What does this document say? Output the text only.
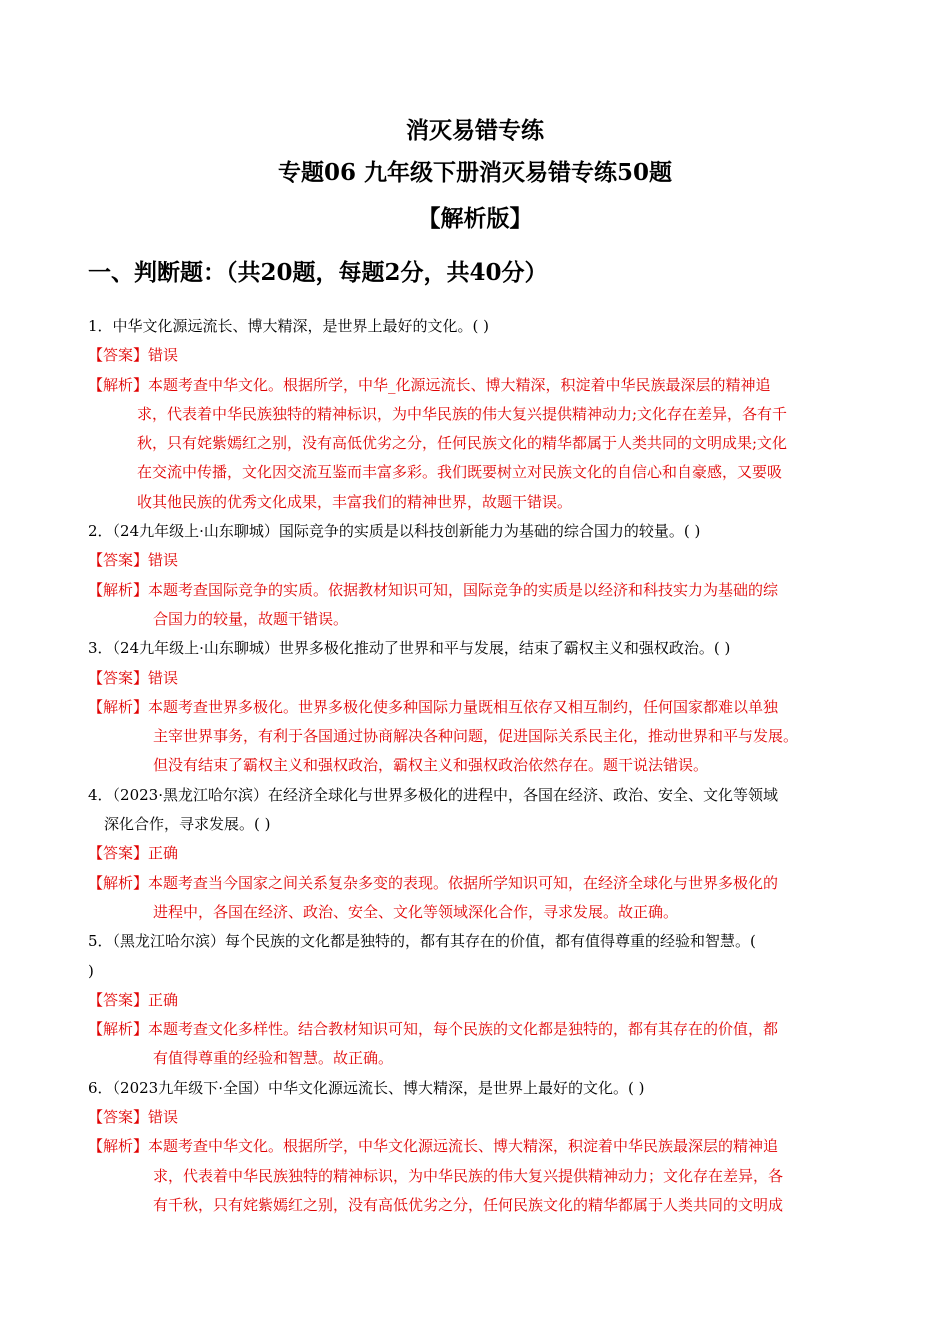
消灭易错专练
专题06 九年级下册消灭易错专练50题
【解析版】
一、判断题：（共20题，每题2分，共40分）
1．中华文化源远流长、博大精深，是世界上最好的文化。( )
【答案】错误
【解析】本题考查中华文化。根据所学，中华_化源远流长、博大精深，积淀着中华民族最深层的精神追
求，代表着中华民族独特的精神标识，为中华民族的伟大复兴提供精神动力;文化存在差异，各有千
秋，只有姹紫嫣红之别，没有高低优劣之分，任何民族文化的精华都属于人类共同的文明成果;文化
在交流中传播，文化因交流互鉴而丰富多彩。我们既要树立对民族文化的自信心和自豪感，又要吸
收其他民族的优秀文化成果，丰富我们的精神世界，故题干错误。
2．（24九年级上·山东聊城）国际竞争的实质是以科技创新能力为基础的综合国力的较量。( )
【答案】错误
【解析】本题考查国际竞争的实质。依据教材知识可知，国际竞争的实质是以经济和科技实力为基础的综
合国力的较量，故题干错误。
3．（24九年级上·山东聊城）世界多极化推动了世界和平与发展，结束了霸权主义和强权政治。( )
【答案】错误
【解析】本题考查世界多极化。世界多极化使多种国际力量既相互依存又相互制约，任何国家都难以单独
主宰世界事务，有利于各国通过协商解决各种问题，促进国际关系民主化，推动世界和平与发展。
但没有结束了霸权主义和强权政治，霸权主义和强权政治依然存在。题干说法错误。
4．（2023·黑龙江哈尔滨）在经济全球化与世界多极化的进程中，各国在经济、政治、安全、文化等领域
深化合作，寻求发展。( )
【答案】正确
【解析】本题考查当今国家之间关系复杂多变的表现。依据所学知识可知，在经济全球化与世界多极化的
进程中，各国在经济、政治、安全、文化等领域深化合作，寻求发展。故正确。
5．（黑龙江哈尔滨）每个民族的文化都是独特的，都有其存在的价值，都有值得尊重的经验和智慧。(
)
【答案】正确
【解析】本题考查文化多样性。结合教材知识可知，每个民族的文化都是独特的，都有其存在的价值，都
有值得尊重的经验和智慧。故正确。
6．（2023九年级下·全国）中华文化源远流长、博大精深，是世界上最好的文化。( )
【答案】错误
【解析】本题考查中华文化。根据所学，中华文化源远流长、博大精深，积淀着中华民族最深层的精神追
求，代表着中华民族独特的精神标识，为中华民族的伟大复兴提供精神动力；文化存在差异，各
有千秋，只有姹紫嫣红之别，没有高低优劣之分，任何民族文化的精华都属于人类共同的文明成
